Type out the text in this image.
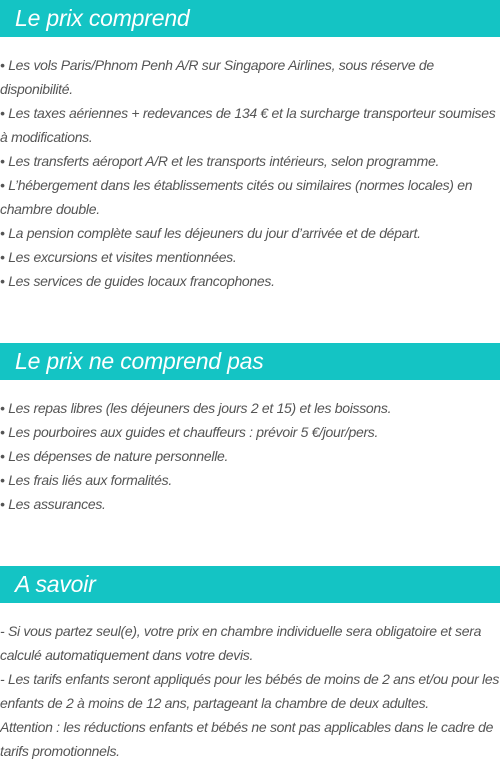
Le prix comprend
• Les vols Paris/Phnom Penh A/R sur Singapore Airlines, sous réserve de disponibilité.
• Les taxes aériennes + redevances de 134 € et la surcharge transporteur soumises à modifications.
• Les transferts aéroport A/R et les transports intérieurs, selon programme.
• L’hébergement dans les établissements cités ou similaires (normes locales) en chambre double.
• La pension complète sauf les déjeuners du jour d’arrivée et de départ.
• Les excursions et visites mentionnées.
• Les services de guides locaux francophones.
Le prix ne comprend pas
• Les repas libres (les déjeuners des jours 2 et 15) et les boissons.
• Les pourboires aux guides et chauffeurs : prévoir 5 €/jour/pers.
• Les dépenses de nature personnelle.
• Les frais liés aux formalités.
• Les assurances.
A savoir
- Si vous partez seul(e), votre prix en chambre individuelle sera obligatoire et sera calculé automatiquement dans votre devis.
- Les tarifs enfants seront appliqués pour les bébés de moins de 2 ans et/ou pour les enfants de 2 à moins de 12 ans, partageant la chambre de deux adultes.
Attention : les réductions enfants et bébés ne sont pas applicables dans le cadre de tarifs promotionnels.
